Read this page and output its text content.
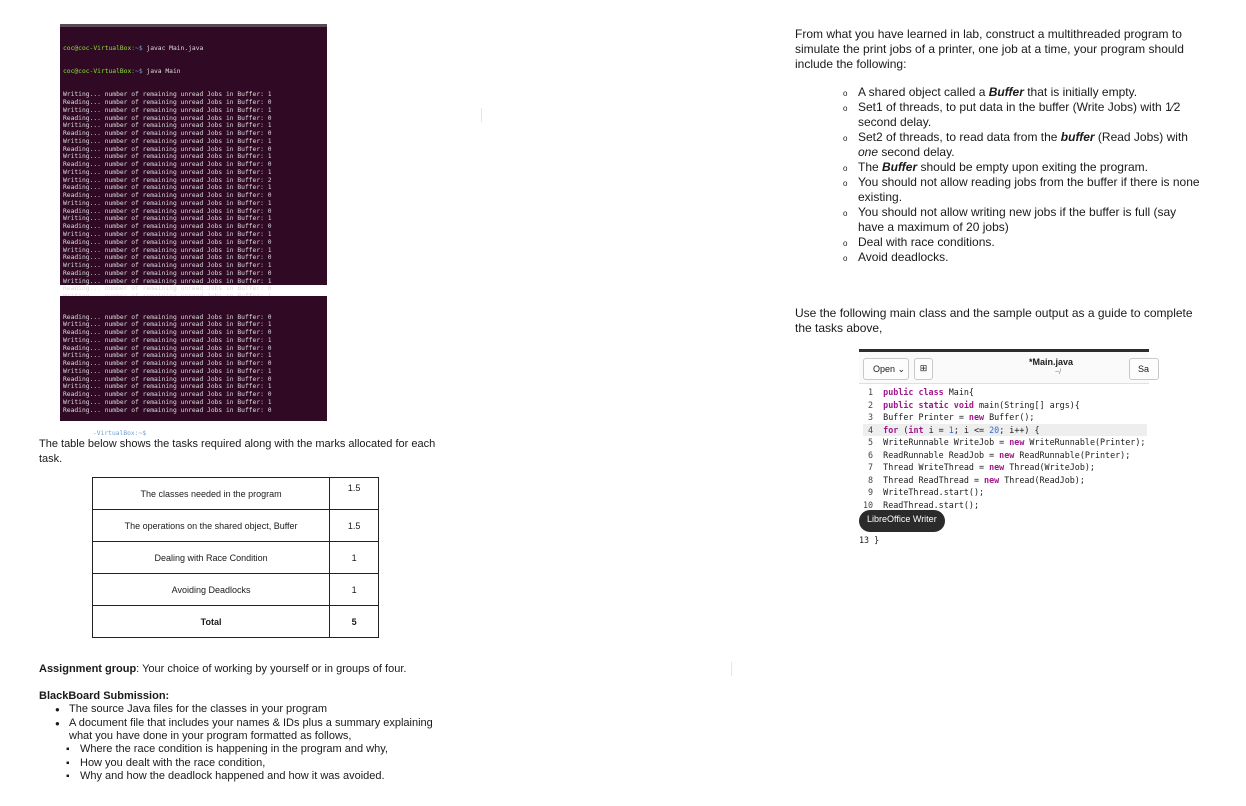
coc@coc-VirtualBox:~$ javac Main.java

coc@coc-VirtualBox:~$ java Main

Writing... number of remaining unread Jobs in Buffer: 1
Reading... number of remaining unread Jobs in Buffer: 0
Writing... number of remaining unread Jobs in Buffer: 1
Reading... number of remaining unread Jobs in Buffer: 0
Writing... number of remaining unread Jobs in Buffer: 1
Reading... number of remaining unread Jobs in Buffer: 0
Writing... number of remaining unread Jobs in Buffer: 1
Reading... number of remaining unread Jobs in Buffer: 0
Writing... number of remaining unread Jobs in Buffer: 1
Reading... number of remaining unread Jobs in Buffer: 0
Writing... number of remaining unread Jobs in Buffer: 1
Writing... number of remaining unread Jobs in Buffer: 2
Reading... number of remaining unread Jobs in Buffer: 1
Reading... number of remaining unread Jobs in Buffer: 0
Writing... number of remaining unread Jobs in Buffer: 1
Reading... number of remaining unread Jobs in Buffer: 0
Writing... number of remaining unread Jobs in Buffer: 1
Reading... number of remaining unread Jobs in Buffer: 0
Writing... number of remaining unread Jobs in Buffer: 1
Reading... number of remaining unread Jobs in Buffer: 0
Writing... number of remaining unread Jobs in Buffer: 1
Reading... number of remaining unread Jobs in Buffer: 0
Writing... number of remaining unread Jobs in Buffer: 1
Reading... number of remaining unread Jobs in Buffer: 0
Writing... number of remaining unread Jobs in Buffer: 1
Reading... number of remaining unread Jobs in Buffer: 0

Reading... number of remaining unread Jobs in Buffer: 0
Writing... number of remaining unread Jobs in Buffer: 1
Reading... number of remaining unread Jobs in Buffer: 0
Writing... number of remaining unread Jobs in Buffer: 1
Reading... number of remaining unread Jobs in Buffer: 0
Writing... number of remaining unread Jobs in Buffer: 1
Reading... number of remaining unread Jobs in Buffer: 0
Writing... number of remaining unread Jobs in Buffer: 1
Reading... number of remaining unread Jobs in Buffer: 0
Writing... number of remaining unread Jobs in Buffer: 1
Reading... number of remaining unread Jobs in Buffer: 0
Writing... number of remaining unread Jobs in Buffer: 1
Reading... number of remaining unread Jobs in Buffer: 0

-VirtualBox:~$

The table below shows the tasks required along with the marks allocated for each task.
The classes needed in the program	1.5
The operations on the shared object, Buffer	1.5
Dealing with Race Condition	1
Avoiding Deadlocks	1
Total	5
Assignment group: Your choice of working by yourself or in groups of four.
BlackBoard Submission:
● The source Java files for the classes in your program
● A document file that includes your names & IDs plus a summary explaining what you have done in your program formatted as follows,
▪ Where the race condition is happening in the program and why,
▪ How you dealt with the race condition,
▪ Why and how the deadlock happened and how it was avoided.
From what you have learned in lab, construct a multithreaded program to simulate the print jobs of a printer, one job at a time, your program should include the following:
o A shared object called a Buffer that is initially empty.
o Set1 of threads, to put data in the buffer (Write Jobs) with 1⁄2 second delay.
o Set2 of threads, to read data from the buffer (Read Jobs) with one second delay.
o The Buffer should be empty upon exiting the program.
o You should not allow reading jobs from the buffer if there is none existing.
o You should not allow writing new jobs if the buffer is full (say have a maximum of 20 jobs)
o Deal with race conditions.
o Avoid deadlocks.
Use the following main class and the sample output as a guide to complete the tasks above,
Open ⌄	⊞
*Main.java
~/	Sa
1  public class Main{
2  public static void main(String[] args){
3  Buffer Printer = new Buffer();
4  for (int i = 1; i <= 20; i++) {
5  WriteRunnable WriteJob = new WriteRunnable(Printer);
6  ReadRunnable ReadJob = new ReadRunnable(Printer);
7  Thread WriteThread = new Thread(WriteJob);
8  Thread ReadThread = new Thread(ReadJob);
9  WriteThread.start();
10  ReadThread.start();
LibreOffice Writer
13 }
